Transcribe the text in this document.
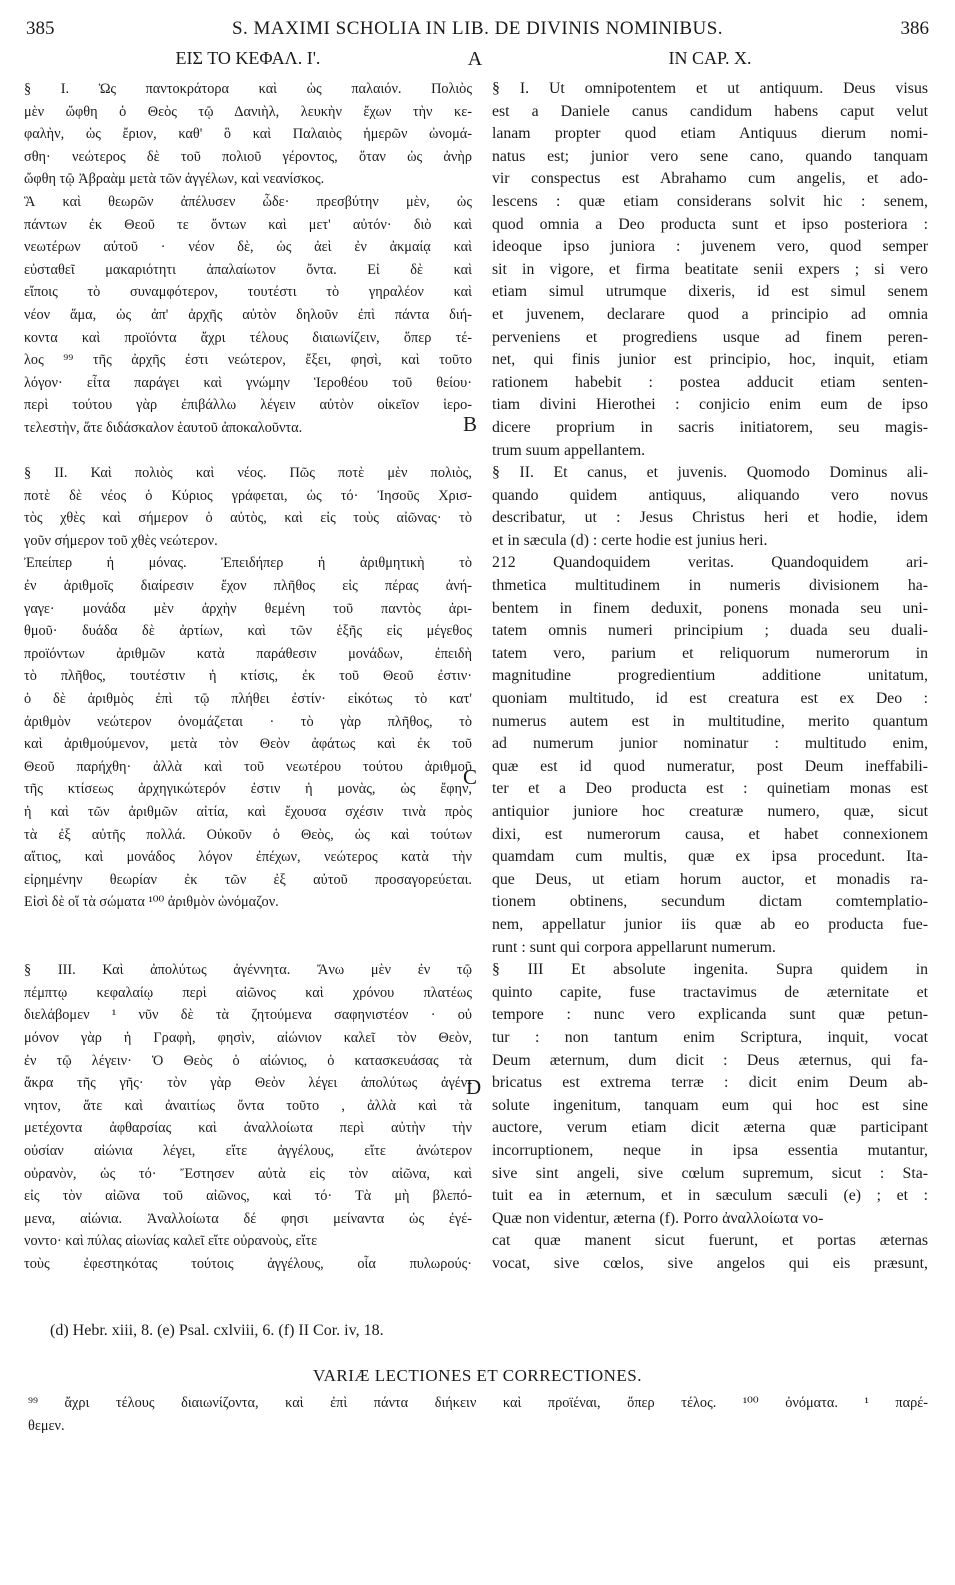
385	S. MAXIMI SCHOLIA IN LIB. DE DIVINIS NOMINIBUS.	386
ΕΙΣ ΤΟ ΚΕΦΑΛ. Ι'.	A	IN CAP. X.
B
C
D
§ I. Ὡς παντοκράτορα καὶ ὡς παλαιόν. Πολιὸς
μὲν ὤφθη ὁ Θεὸς τῷ Δανιὴλ, λευκὴν ἔχων τὴν κε-
φαλὴν, ὡς ἔριον, καθ' ὃ καὶ Παλαιὸς ἡμερῶν ὠνομά-
σθη· νεώτερος δὲ τοῦ πολιοῦ γέροντος, ὅταν ὡς ἀνὴρ
ὤφθη τῷ Ἀβραὰμ μετὰ τῶν ἀγγέλων, καὶ νεανίσκος.
Ἃ καὶ θεωρῶν ἀπέλυσεν ὧδε· πρεσβύτην μὲν, ὡς
πάντων ἐκ Θεοῦ τε ὄντων καὶ μετ' αὐτόν· διὸ καὶ
νεωτέρων αὐτοῦ · νέον δὲ, ὡς ἀεὶ ἐν ἀκμαίᾳ καὶ
εὐσταθεῖ μακαριότητι ἀπαλαίωτον ὄντα. Εἰ δὲ καὶ
εἴποις τὸ συναμφότερον, τουτέστι τὸ γηραλέον καὶ
νέον ἅμα, ὡς ἀπ' ἀρχῆς αὐτὸν δηλοῦν ἐπὶ πάντα διή-
κοντα καὶ προϊόντα ἄχρι τέλους διαιωνίζειν, ὅπερ τέ-
λος ⁹⁹ τῆς ἀρχῆς ἐστι νεώτερον, ἔξει, φησὶ, καὶ τοῦτο
λόγον· εἶτα παράγει καὶ γνώμην Ἱεροθέου τοῦ θείου·
περὶ τούτου γὰρ ἐπιβάλλω λέγειν αὐτὸν οἰκεῖον ἱερο-
τελεστὴν, ἅτε διδάσκαλον ἑαυτοῦ ἀποκαλοῦντα.
§ II. Καὶ πολιὸς καὶ νέος. Πῶς ποτὲ μὲν πολιὸς,
ποτὲ δὲ νέος ὁ Κύριος γράφεται, ὡς τό· Ἰησοῦς Χρισ-
τὸς χθὲς καὶ σήμερον ὁ αὐτὸς, καὶ εἰς τοὺς αἰῶνας· τὸ
γοῦν σήμερον τοῦ χθὲς νεώτερον.
Ἐπείπερ ἡ μόνας. Ἐπειδήπερ ἡ ἀριθμητικὴ τὸ
ἐν ἀριθμοῖς διαίρεσιν ἔχον πλῆθος εἰς πέρας ἀνή-
γαγε· μονάδα μὲν ἀρχὴν θεμένη τοῦ παντὸς ἀρι-
θμοῦ· δυάδα δὲ ἀρτίων, καὶ τῶν ἑξῆς εἰς μέγεθος
προϊόντων ἀριθμῶν κατὰ παράθεσιν μονάδων, ἐπειδὴ
τὸ πλῆθος, τουτέστιν ἡ κτίσις, ἐκ τοῦ Θεοῦ ἐστιν·
ὁ δὲ ἀριθμὸς ἐπὶ τῷ πλήθει ἐστίν· εἰκότως τὸ κατ'
ἀριθμὸν νεώτερον ὀνομάζεται · τὸ γὰρ πλῆθος, τὸ
καὶ ἀριθμούμενον, μετὰ τὸν Θεὸν ἀφάτως καὶ ἐκ τοῦ
Θεοῦ παρήχθη· ἀλλὰ καὶ τοῦ νεωτέρου τούτου ἀριθμοῦ
τῆς κτίσεως ἀρχηγικώτερόν ἐστιν ἡ μονὰς, ὡς ἔφην,
ἡ καὶ τῶν ἀριθμῶν αἰτία, καὶ ἔχουσα σχέσιν τινὰ πρὸς
τὰ ἐξ αὐτῆς πολλά. Οὐκοῦν ὁ Θεὸς, ὡς καὶ τούτων
αἴτιος, καὶ μονάδος λόγον ἐπέχων, νεώτερος κατὰ τὴν
εἰρημένην θεωρίαν ἐκ τῶν ἐξ αὐτοῦ προσαγορεύεται.
Εἰσὶ δὲ οἵ τὰ σώματα ¹⁰⁰ ἀριθμὸν ὠνόμαζον.
§ III. Καὶ ἀπολύτως ἀγέννητα. Ἄνω μὲν ἐν τῷ
πέμπτῳ κεφαλαίῳ περὶ αἰῶνος καὶ χρόνου πλατέως
διελάβομεν ¹ νῦν δὲ τὰ ζητούμενα σαφηνιστέον · οὐ
μόνον γὰρ ἡ Γραφὴ, φησὶν, αἰώνιον καλεῖ τὸν Θεὸν,
ἐν τῷ λέγειν· Ὁ Θεὸς ὁ αἰώνιος, ὁ κατασκευάσας τὰ
ἄκρα τῆς γῆς· τὸν γὰρ Θεὸν λέγει ἀπολύτως ἀγέν-
νητον, ἅτε καὶ ἀναιτίως ὄντα τοῦτο , ἀλλὰ καὶ τὰ
μετέχοντα ἀφθαρσίας καὶ ἀναλλοίωτα περὶ αὐτὴν τὴν
οὐσίαν αἰώνια λέγει, εἴτε ἀγγέλους, εἴτε ἀνώτερον
οὐρανὸν, ὡς τό· Ἔστησεν αὐτὰ εἰς τὸν αἰῶνα, καὶ
εἰς τὸν αἰῶνα τοῦ αἰῶνος, καὶ τό· Τὰ μὴ βλεπό-
μενα, αἰώνια. Ἀναλλοίωτα δέ φησι μείναντα ὡς ἐγέ-
νοντο· καὶ πύλας αἰωνίας καλεῖ εἴτε οὐρανοὺς, εἴτε
τοὺς ἐφεστηκότας τούτοις ἀγγέλους, οἷα πυλωρούς·
§ I. Ut omnipotentem et ut antiquum. Deus visus
est a Daniele canus candidum habens caput velut
lanam propter quod etiam Antiquus dierum nomi-
natus est; junior vero sene cano, quando tanquam
vir conspectus est Abrahamo cum angelis, et ado-
lescens : quæ etiam considerans solvit hic : senem,
quod omnia a Deo producta sunt et ipso posteriora :
ideoque ipso juniora : juvenem vero, quod semper
sit in vigore, et firma beatitate senii expers ; si vero
etiam simul utrumque dixeris, id est simul senem
et juvenem, declarare quod a principio ad omnia
perveniens et progrediens usque ad finem peren-
net, qui finis junior est principio, hoc, inquit, etiam
rationem habebit : postea adducit etiam senten-
tiam divini Hierothei : conjicio enim eum de ipso
dicere proprium in sacris initiatorem, seu magis-
trum suum appellantem.
§ II. Et canus, et juvenis. Quomodo Dominus ali-
quando quidem antiquus, aliquando vero novus
describatur, ut : Jesus Christus heri et hodie, idem
et in sæcula (d) : certe hodie est junius heri.
212 Quandoquidem veritas. Quandoquidem ari-
thmetica multitudinem in numeris divisionem ha-
bentem in finem deduxit, ponens monada seu uni-
tatem omnis numeri principium ; duada seu duali-
tatem vero, parium et reliquorum numerorum in
magnitudine progredientium additione unitatum,
quoniam multitudo, id est creatura est ex Deo :
numerus autem est in multitudine, merito quantum
ad numerum junior nominatur : multitudo enim,
quæ est id quod numeratur, post Deum ineffabili-
ter et a Deo producta est : quinetiam monas est
antiquior juniore hoc creaturæ numero, quæ, sicut
dixi, est numerorum causa, et habet connexionem
quamdam cum multis, quæ ex ipsa procedunt. Ita-
que Deus, ut etiam horum auctor, et monadis ra-
tionem obtinens, secundum dictam comtemplatio-
nem, appellatur junior iis quæ ab eo producta fue-
runt : sunt qui corpora appellarunt numerum.
§ III Et absolute ingenita. Supra quidem in
quinto capite, fuse tractavimus de æternitate et
tempore : nunc vero explicanda sunt quæ petun-
tur : non tantum enim Scriptura, inquit, vocat
Deum æternum, dum dicit : Deus æternus, qui fa-
bricatus est extrema terræ : dicit enim Deum ab-
solute ingenitum, tanquam eum qui hoc est sine
auctore, verum etiam dicit æterna quæ participant
incorruptionem, neque in ipsa essentia mutantur,
sive sint angeli, sive cœlum supremum, sicut : Sta-
tuit ea in æternum, et in sæculum sæculi (e) ; et :
Quæ non videntur, æterna (f). Porro ἀναλλοίωτα vo-
cat quæ manent sicut fuerunt, et portas æternas
vocat, sive cœlos, sive angelos qui eis præsunt,
(d) Hebr. xiii, 8. (e) Psal. cxlviii, 6. (f) II Cor. iv, 18.
VARIÆ LECTIONES ET CORRECTIONES.
⁹⁹ ἄχρι τέλους διαιωνίζοντα, καὶ ἐπὶ πάντα διήκειν καὶ προϊέναι, ὅπερ τέλος. ¹⁰⁰ ὀνόματα. ¹ παρέ-
θεμεν.
